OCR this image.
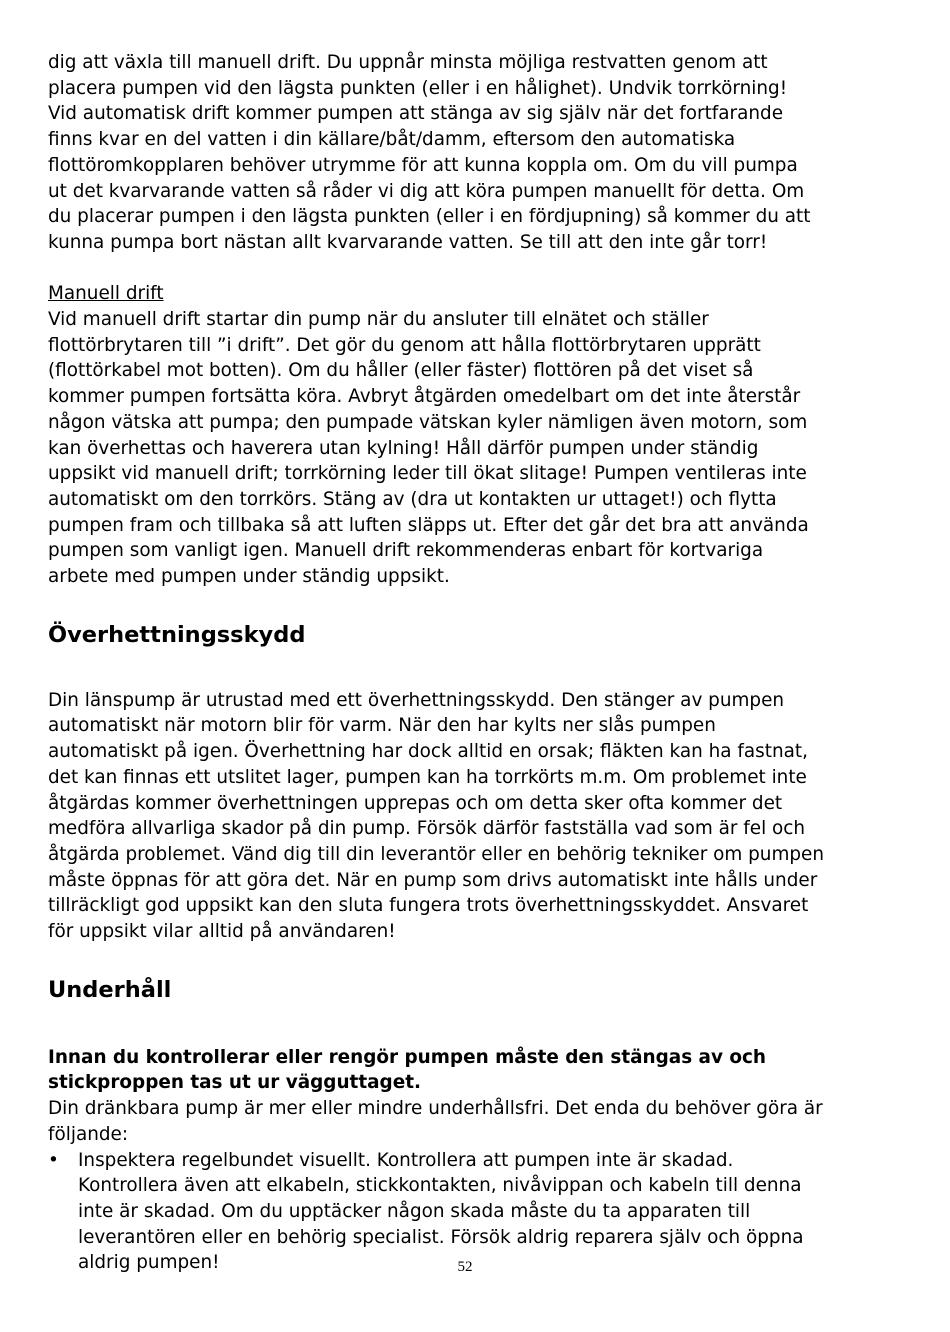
dig att växla till manuell drift. Du uppnår minsta möjliga restvatten genom att
placera pumpen vid den lägsta punkten (eller i en hålighet). Undvik torrkörning!
Vid automatisk drift kommer pumpen att stänga av sig själv när det fortfarande
finns kvar en del vatten i din källare/båt/damm, eftersom den automatiska
flottöromkopplaren behöver utrymme för att kunna koppla om. Om du vill pumpa
ut det kvarvarande vatten så råder vi dig att köra pumpen manuellt för detta. Om
du placerar pumpen i den lägsta punkten (eller i en fördjupning) så kommer du att
kunna pumpa bort nästan allt kvarvarande vatten. Se till att den inte går torr!

Manuell drift

Vid manuell drift startar din pump när du ansluter till elnätet och ställer
flottörbrytaren till ”i drift”. Det gör du genom att hålla flottörbrytaren upprätt
(flottörkabel mot botten). Om du håller (eller fäster) flottören på det viset så
kommer pumpen fortsätta köra. Avbryt åtgärden omedelbart om det inte återstår
någon vätska att pumpa; den pumpade vätskan kyler nämligen även motorn, som
kan överhettas och haverera utan kylning! Håll därför pumpen under ständig
uppsikt vid manuell drift; torrkörning leder till ökat slitage! Pumpen ventileras inte
automatiskt om den torrkörs. Stäng av (dra ut kontakten ur uttaget!) och flytta
pumpen fram och tillbaka så att luften släpps ut. Efter det går det bra att använda
pumpen som vanligt igen. Manuell drift rekommenderas enbart för kortvariga
arbete med pumpen under ständig uppsikt.

Överhettningsskydd

Din länspump är utrustad med ett överhettningsskydd. Den stänger av pumpen
automatiskt när motorn blir för varm. När den har kylts ner slås pumpen
automatiskt på igen. Överhettning har dock alltid en orsak; fläkten kan ha fastnat,
det kan finnas ett utslitet lager, pumpen kan ha torrkörts m.m. Om problemet inte
åtgärdas kommer överhettningen upprepas och om detta sker ofta kommer det
medföra allvarliga skador på din pump. Försök därför fastställa vad som är fel och
åtgärda problemet. Vänd dig till din leverantör eller en behörig tekniker om pumpen
måste öppnas för att göra det. När en pump som drivs automatiskt inte hålls under
tillräckligt god uppsikt kan den sluta fungera trots överhettningsskyddet. Ansvaret
för uppsikt vilar alltid på användaren!

Underhåll

Innan du kontrollerar eller rengör pumpen måste den stängas av och
stickproppen tas ut ur vägguttaget.

Din dränkbara pump är mer eller mindre underhållsfri. Det enda du behöver göra är
följande:

•	Inspektera regelbundet visuellt. Kontrollera att pumpen inte är skadad.
Kontrollera även att elkabeln, stickkontakten, nivåvippan och kabeln till denna
inte är skadad. Om du upptäcker någon skada måste du ta apparaten till
leverantören eller en behörig specialist. Försök aldrig reparera själv och öppna
aldrig pumpen!	52
